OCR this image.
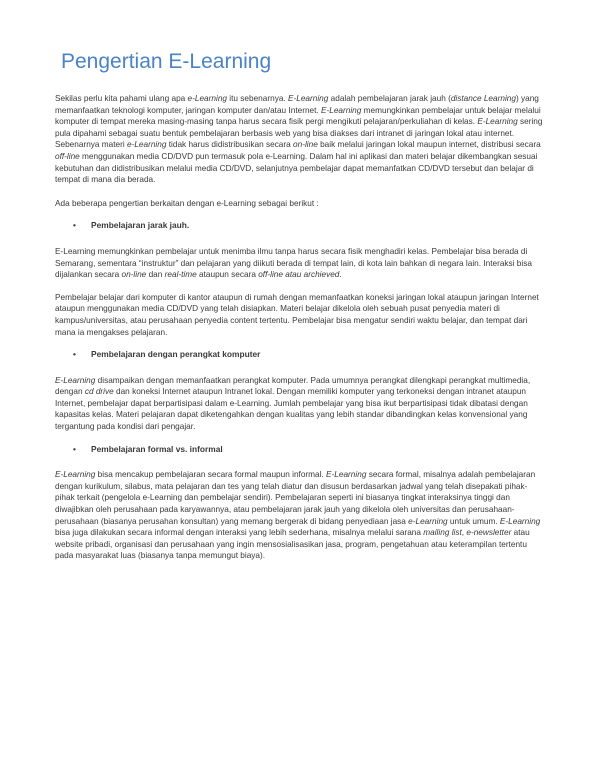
Pengertian E-Learning

Sekilas perlu kita pahami ulang apa e-Learning itu sebenarnya. E-Learning adalah pembelajaran jarak jauh (distance Learning) yang memanfaatkan teknologi komputer, jaringan komputer dan/atau Internet. E-Learning memungkinkan pembelajar untuk belajar melalui komputer di tempat mereka masing-masing tanpa harus secara fisik pergi mengikuti pelajaran/perkuliahan di kelas. E-Learning sering pula dipahami sebagai suatu bentuk pembelajaran berbasis web yang bisa diakses dari intranet di jaringan lokal atau internet. Sebenarnya materi e-Learning tidak harus didistribusikan secara on-line baik melalui jaringan lokal maupun internet, distribusi secara off-line menggunakan media CD/DVD pun termasuk pola e-Learning. Dalam hal ini aplikasi dan materi belajar dikembangkan sesuai kebutuhan dan didistribusikan melalui media CD/DVD, selanjutnya pembelajar dapat memanfatkan CD/DVD tersebut dan belajar di tempat di mana dia berada.

Ada beberapa pengertian berkaitan dengan e-Learning sebagai berikut :

•	Pembelajaran jarak jauh.

E-Learning memungkinkan pembelajar untuk menimba ilmu tanpa harus secara fisik menghadiri kelas. Pembelajar bisa berada di Semarang, sementara “instruktur” dan pelajaran yang diikuti berada di tempat lain, di kota lain bahkan di negara lain. Interaksi bisa dijalankan secara on-line dan real-time ataupun secara off-line atau archieved.

Pembelajar belajar dari komputer di kantor ataupun di rumah dengan memanfaatkan koneksi jaringan lokal ataupun jaringan Internet ataupun menggunakan media CD/DVD yang telah disiapkan. Materi belajar dikelola oleh sebuah pusat penyedia materi di kampus/universitas, atau perusahaan penyedia content tertentu. Pembelajar bisa mengatur sendiri waktu belajar, dan tempat dari mana ia mengakses pelajaran.

•	Pembelajaran dengan perangkat komputer

E-Learning disampaikan dengan memanfaatkan perangkat komputer. Pada umumnya perangkat dilengkapi perangkat multimedia, dengan cd drive dan koneksi Internet ataupun Intranet lokal. Dengan memiliki komputer yang terkoneksi dengan intranet ataupun Internet, pembelajar dapat berpartisipasi dalam e-Learning. Jumlah pembelajar yang bisa ikut berpartisipasi tidak dibatasi dengan kapasitas kelas. Materi pelajaran dapat diketengahkan dengan kualitas yang lebih standar dibandingkan kelas konvensional yang tergantung pada kondisi dari pengajar.

•	Pembelajaran formal vs. informal

E-Learning bisa mencakup pembelajaran secara formal maupun informal. E-Learning secara formal, misalnya adalah pembelajaran dengan kurikulum, silabus, mata pelajaran dan tes yang telah diatur dan disusun berdasarkan jadwal yang telah disepakati pihak-pihak terkait (pengelola e-Learning dan pembelajar sendiri). Pembelajaran seperti ini biasanya tingkat interaksinya tinggi dan diwajibkan oleh perusahaan pada karyawannya, atau pembelajaran jarak jauh yang dikelola oleh universitas dan perusahaan-perusahaan (biasanya perusahan konsultan) yang memang bergerak di bidang penyediaan jasa e-Learning untuk umum. E-Learning bisa juga dilakukan secara informal dengan interaksi yang lebih sederhana, misalnya melalui sarana mailing list, e-newsletter atau website pribadi, organisasi dan perusahaan yang ingin mensosialisasikan jasa, program, pengetahuan atau keterampilan tertentu pada masyarakat luas (biasanya tanpa memungut biaya).
